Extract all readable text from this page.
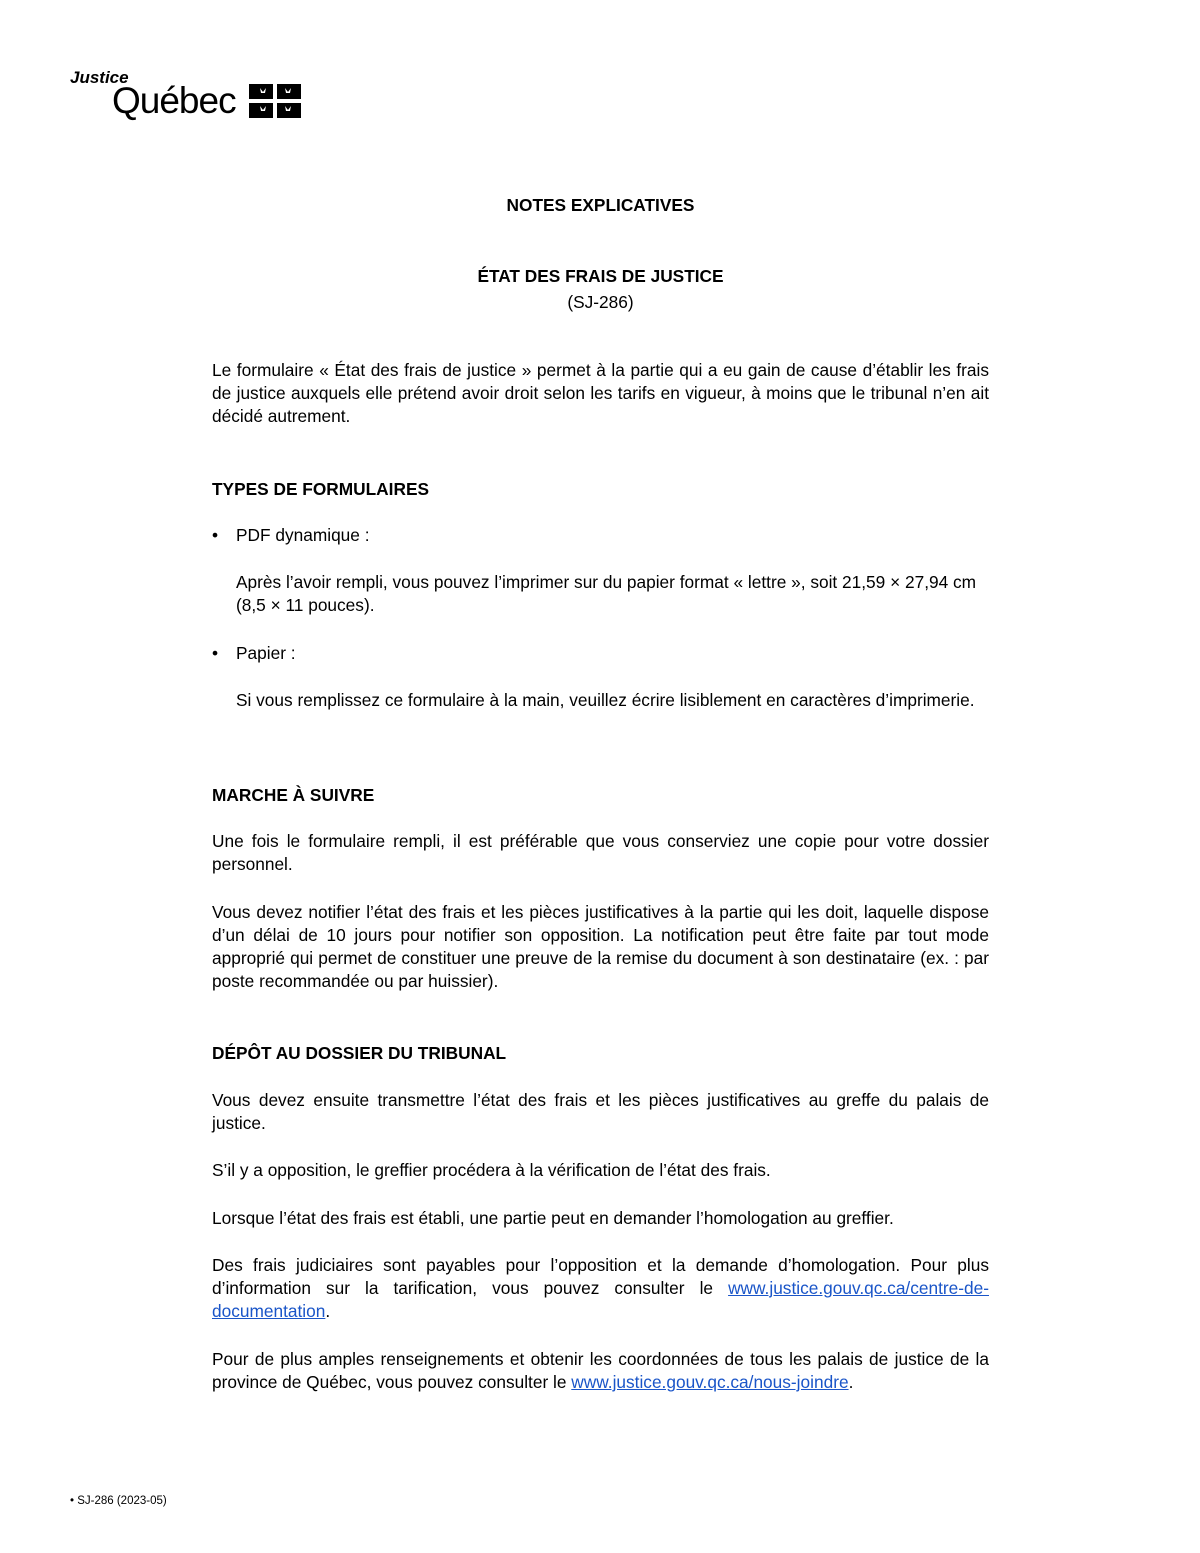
Justice
Québec
NOTES EXPLICATIVES
ÉTAT DES FRAIS DE JUSTICE
(SJ-286)
Le formulaire « État des frais de justice » permet à la partie qui a eu gain de cause d’établir les frais de justice auxquels elle prétend avoir droit selon les tarifs en vigueur, à moins que le tribunal n’en ait décidé autrement.
TYPES DE FORMULAIRES
• PDF dynamique :
Après l’avoir rempli, vous pouvez l’imprimer sur du papier format « lettre », soit 21,59 × 27,94 cm (8,5 × 11 pouces).
• Papier :
Si vous remplissez ce formulaire à la main, veuillez écrire lisiblement en caractères d’imprimerie.
MARCHE À SUIVRE
Une fois le formulaire rempli, il est préférable que vous conserviez une copie pour votre dossier personnel.
Vous devez notifier l’état des frais et les pièces justificatives à la partie qui les doit, laquelle dispose d’un délai de 10 jours pour notifier son opposition. La notification peut être faite par tout mode approprié qui permet de constituer une preuve de la remise du document à son destinataire (ex. : par poste recommandée ou par huissier).
DÉPÔT AU DOSSIER DU TRIBUNAL
Vous devez ensuite transmettre l’état des frais et les pièces justificatives au greffe du palais de justice.
S’il y a opposition, le greffier procédera à la vérification de l’état des frais.
Lorsque l’état des frais est établi, une partie peut en demander l’homologation au greffier.
Des frais judiciaires sont payables pour l’opposition et la demande d’homologation. Pour plus d’information sur la tarification, vous pouvez consulter le www.justice.gouv.qc.ca/centre-de-documentation.
Pour de plus amples renseignements et obtenir les coordonnées de tous les palais de justice de la province de Québec, vous pouvez consulter le www.justice.gouv.qc.ca/nous-joindre.
• SJ-286 (2023-05)
